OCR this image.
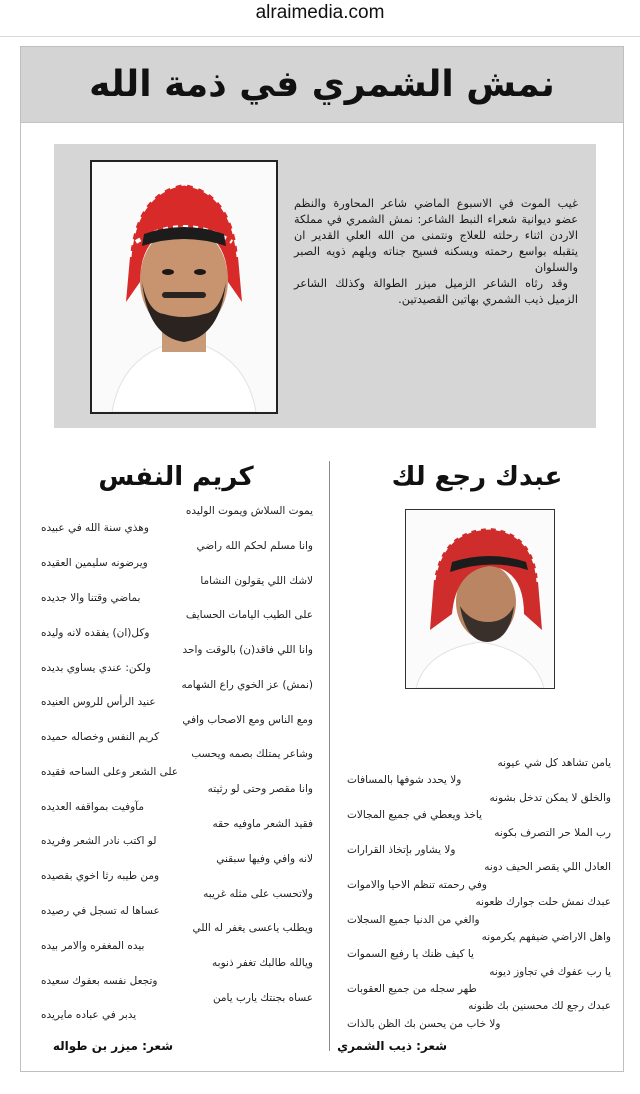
alraimedia.com
نمش الشمري في ذمة الله

غيب الموت في الاسبوع الماضي شاعر المحاورة والنظم عضو ديوانية شعراء النبط الشاعر: نمش الشمري في مملكة الاردن اثناء رحلته للعلاج ونتمنى من الله العلي القدير ان يتقبله بواسع رحمته ويسكنه فسيح جناته ويلهم ذويه الصبر والسلوان

وقد رثاه الشاعر الزميل ميزر الطوالة وكذلك الشاعر الزميل ذيب الشمري بهاتين القصيدتين.

عبدك رجع لك
يامن تشاهد كل شي عيونه
ولا يحدد شوفها بالمسافات
والخلق لا يمكن تدخل بشونه
ياخذ ويعطي في جميع المجالات
رب الملا حر التصرف بكونه
ولا يشاور بإتخاذ القرارات
العادل اللي يقصر الحيف دونه
وفي رحمته تنظم الاحيا والاموات
عبدك نمش حلت جوارك ظعونه
والغي من الدنيا جميع السجلات
واهل الاراضي ضيفهم يكرمونه
يا كيف ظنك يا رفيع السموات
يا رب عفوك في تجاوز ديونه
طهر سجله من جميع العقوبات
عبدك رجع لك محسنين بك ظنونه
ولا خاب من يحسن بك الظن بالذات
شعر: ذيب الشمري
كريم النفس
يموت السلاش ويموت الوليده
وهذي سنة الله في عبيده
وانا مسلم لحكم الله راضي
ويرضونه سليمين العقيده
لاشك اللي يقولون النشاما
بماضي وقتنا والا جديده
على الطيب اليامات الحسايف
وكل(ان) يفقده لانه وليده
وانا اللي فاقد(ن) بالوقت واحد
ولكن: عندي يساوي بديده
(نمش) عز الخوي راع الشهامه
عنيد الرأس للروس العنيده
ومع الناس ومع الاصحاب وافي
كريم النفس وخصاله حميده
وشاعر يمتلك بصمه ويحسب
على الشعر وعلى الساحه فقيده
وانا مقصر وحتى لو رثيته
مآوفيت بمواقفه العديده
فقيد الشعر ماوفيه حقه
لو اكتب نادر الشعر وفريده
لانه وافي وفيها سبقني
ومن طيبه رثا اخوي بقصيده
ولاتحسب على مثله غريبه
عساها له تسجل في رصيده
ويطلب ياعسى يغفر له اللي
بيده المغفره والامر بيده
ويالله طالبك تغفر ذنوبه
وتجعل نفسه بعفوك سعيده
عساه بجنتك يارب يامن
يدبر في عباده مايريده
شعر: ميزر بن طواله
